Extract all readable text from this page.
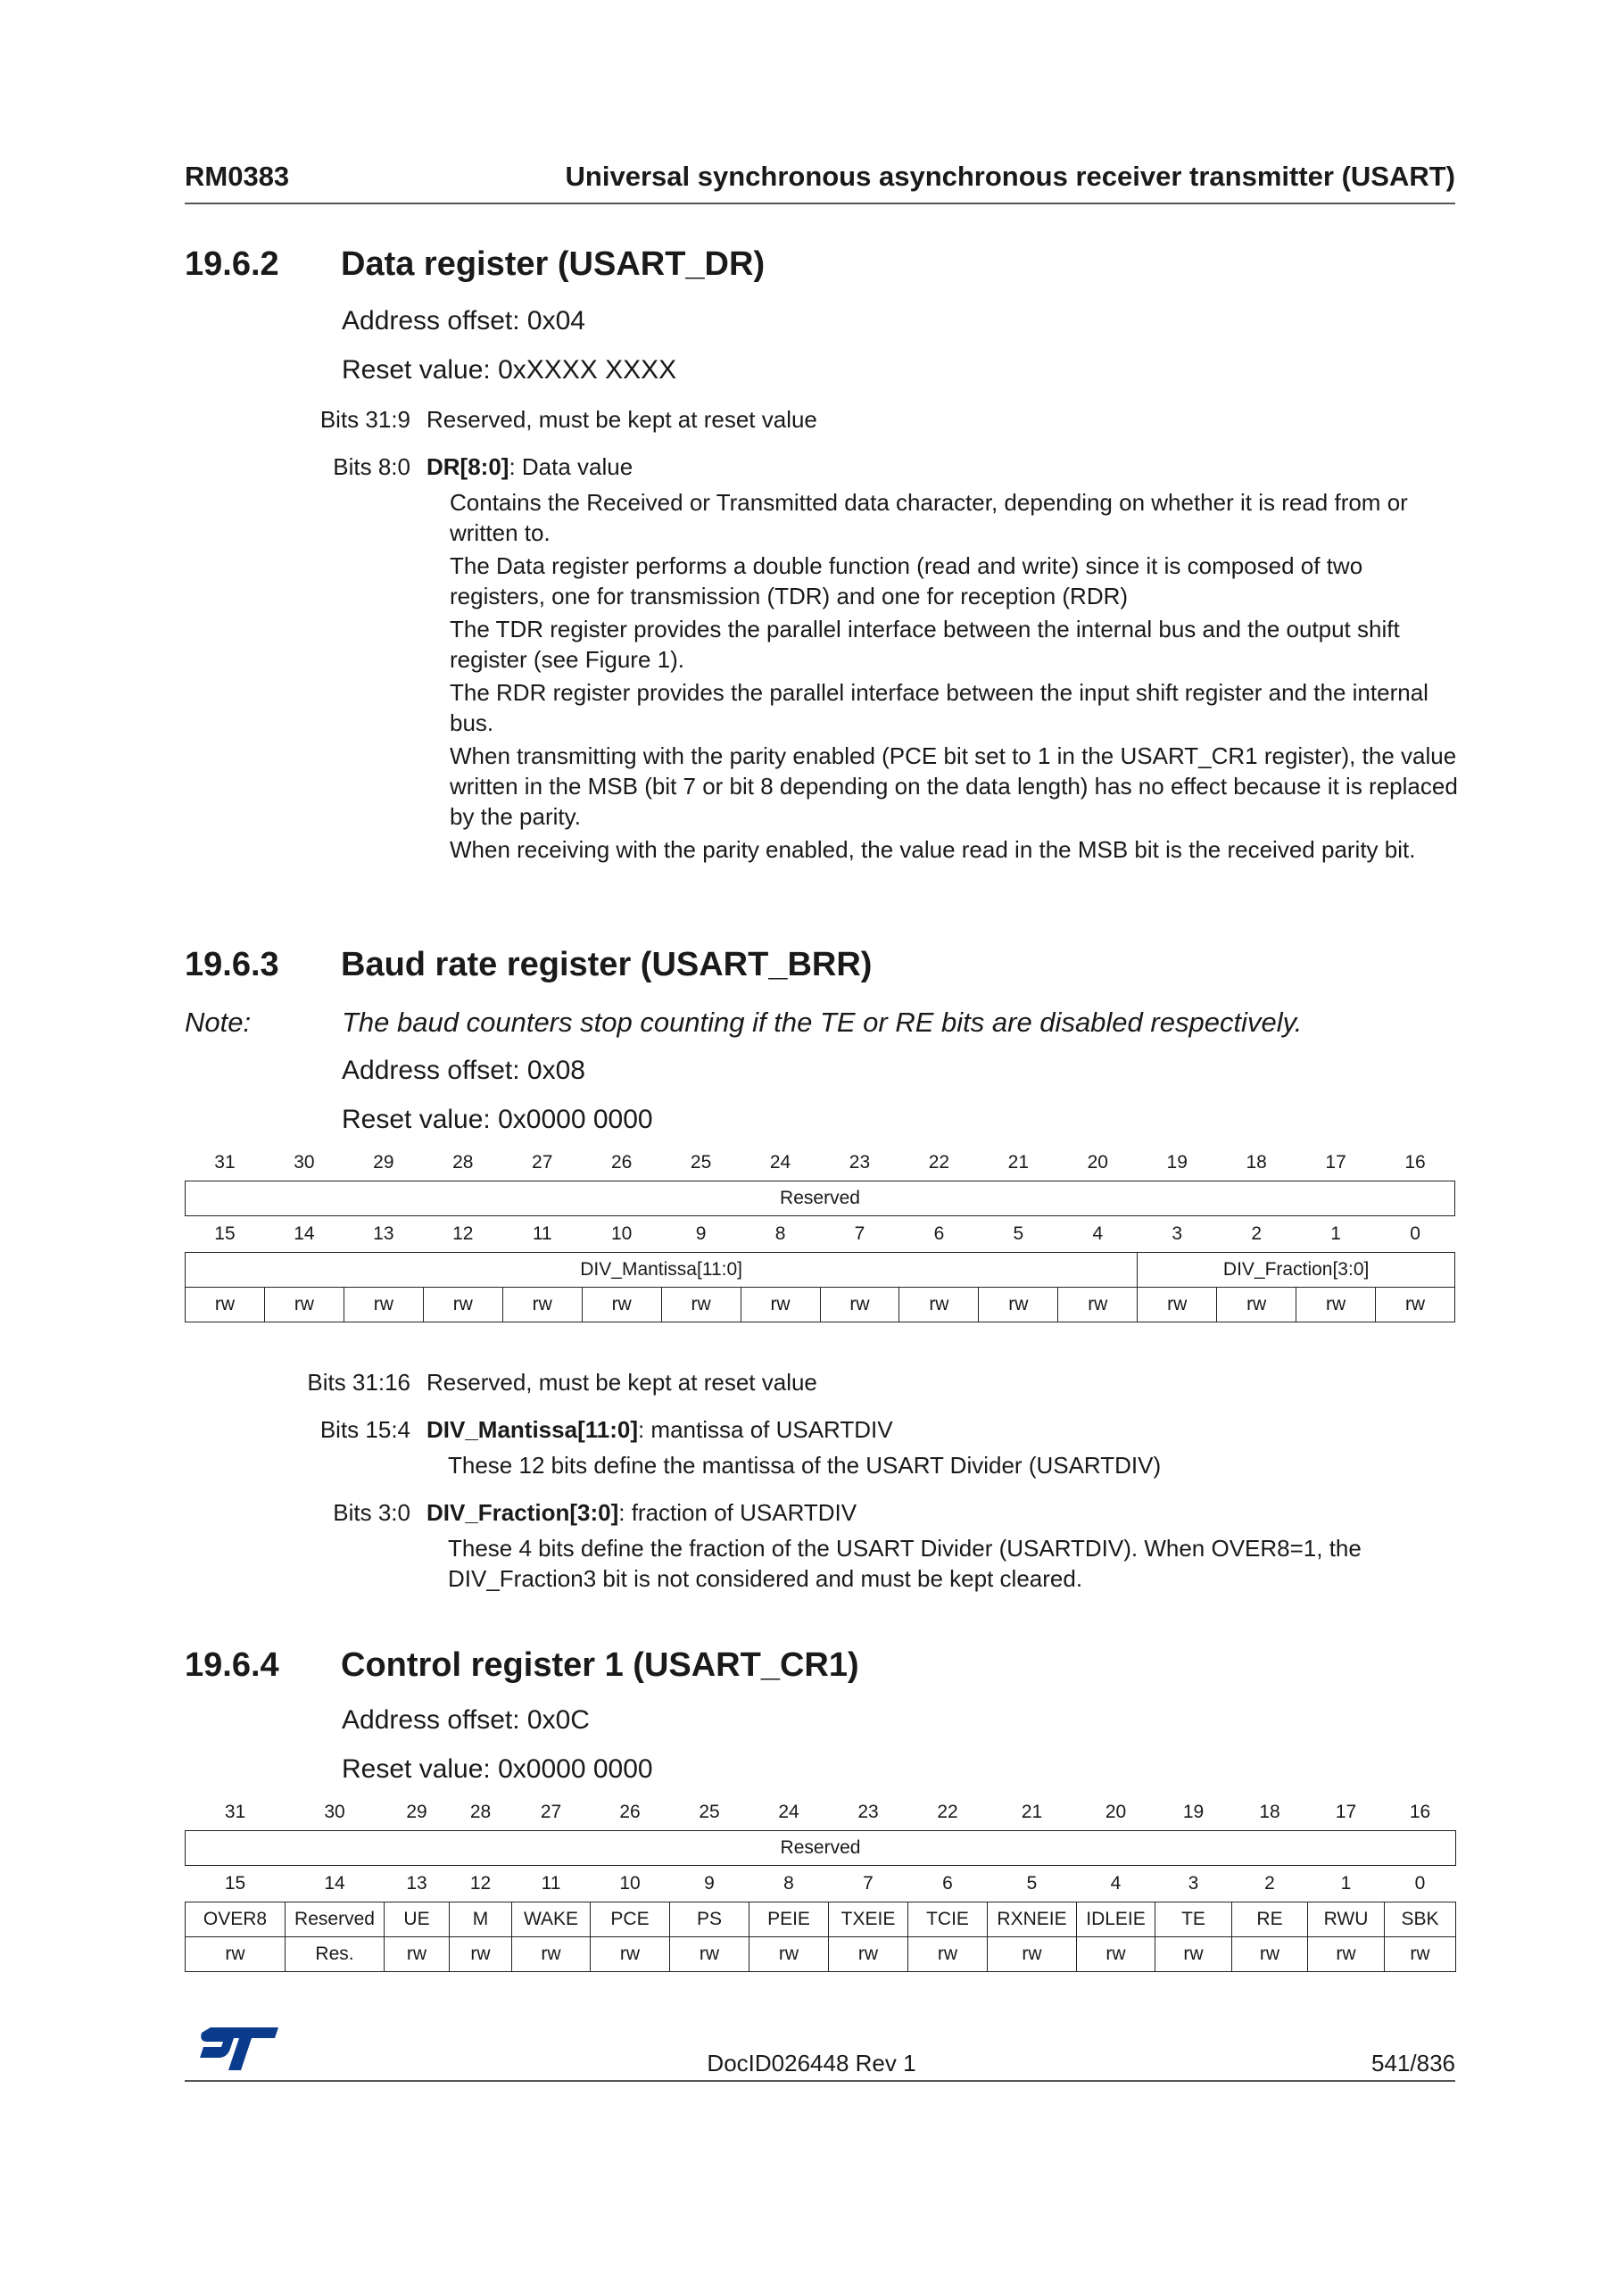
RM0383	Universal synchronous asynchronous receiver transmitter (USART)
19.6.2 Data register (USART_DR)
Address offset: 0x04
Reset value: 0xXXXX XXXX
Bits 31:9 Reserved, must be kept at reset value
Bits 8:0 DR[8:0]: Data value

Contains the Received or Transmitted data character, depending on whether it is read from or written to.

The Data register performs a double function (read and write) since it is composed of two registers, one for transmission (TDR) and one for reception (RDR)

The TDR register provides the parallel interface between the internal bus and the output shift register (see Figure 1).

The RDR register provides the parallel interface between the input shift register and the internal bus.

When transmitting with the parity enabled (PCE bit set to 1 in the USART_CR1 register), the value written in the MSB (bit 7 or bit 8 depending on the data length) has no effect because it is replaced by the parity.

When receiving with the parity enabled, the value read in the MSB bit is the received parity bit.

19.6.3 Baud rate register (USART_BRR)
Note:	The baud counters stop counting if the TE or RE bits are disabled respectively.
Address offset: 0x08
Reset value: 0x0000 0000
31	30	29	28	27	26	25	24	23	22	21	20	19	18	17	16
Reserved															
15	14	13	12	11	10	9	8	7	6	5	4	3	2	1	0
DIV_Mantissa[11:0]												DIV_Fraction[3:0]			
rw	rw	rw	rw	rw	rw	rw	rw	rw	rw	rw	rw	rw	rw	rw	rw
Bits 31:16 Reserved, must be kept at reset value
Bits 15:4 DIV_Mantissa[11:0]: mantissa of USARTDIV
These 12 bits define the mantissa of the USART Divider (USARTDIV)
Bits 3:0 DIV_Fraction[3:0]: fraction of USARTDIV
These 4 bits define the fraction of the USART Divider (USARTDIV). When OVER8=1, the DIV_Fraction3 bit is not considered and must be kept cleared.
19.6.4 Control register 1 (USART_CR1)
Address offset: 0x0C
Reset value: 0x0000 0000
31	30	29	28	27	26	25	24	23	22	21	20	19	18	17	16
Reserved															
15	14	13	12	11	10	9	8	7	6	5	4	3	2	1	0
OVER8	Reserved	UE	M	WAKE	PCE	PS	PEIE	TXEIE	TCIE	RXNEIE	IDLEIE	TE	RE	RWU	SBK
rw	Res.	rw	rw	rw	rw	rw	rw	rw	rw	rw	rw	rw	rw	rw	rw
ST	DocID026448 Rev 1	541/836
